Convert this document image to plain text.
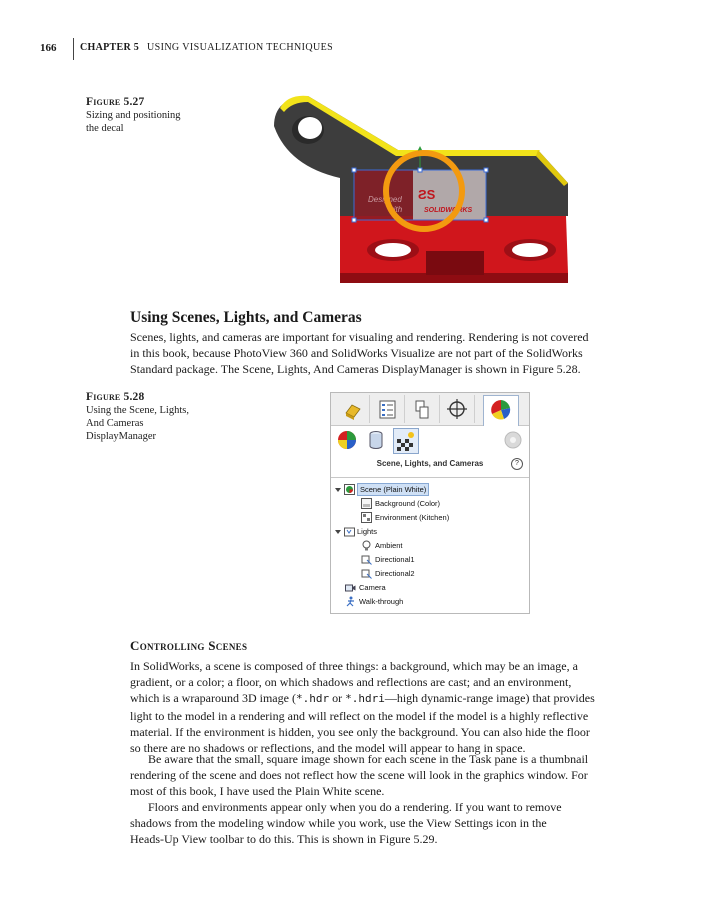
166 CHAPTER 5 USING VISUALIZATION TECHNIQUES
Figure 5.27
Sizing and positioning
the decal
Designed
with
ƧS
SOLIDWORKS
Using Scenes, Lights, and Cameras
Scenes, lights, and cameras are important for visualing and rendering. Rendering is not covered
in this book, because PhotoView 360 and SolidWorks Visualize are not part of the SolidWorks
Standard package. The Scene, Lights, And Cameras DisplayManager is shown in Figure 5.28.
Figure 5.28
Using the Scene, Lights,
And Cameras
DisplayManager
Scene, Lights, and Cameras	?
Scene (Plain White)
Background (Color)
Environment (Kitchen)
Lights
Ambient
Directional1
Directional2
Camera
Walk-through
Controlling Scenes
In SolidWorks, a scene is composed of three things: a background, which may be an image, a
gradient, or a color; a floor, on which shadows and reflections are cast; and an environment,
which is a wraparound 3D image (*.hdr or *.hdri—high dynamic-range image) that provides
light to the model in a rendering and will reflect on the model if the model is a highly reflective
material. If the environment is hidden, you see only the background. You can also hide the floor
so there are no shadows or reflections, and the model will appear to hang in space.
Be aware that the small, square image shown for each scene in the Task pane is a thumbnail
rendering of the scene and does not reflect how the scene will look in the graphics window. For
most of this book, I have used the Plain White scene.
Floors and environments appear only when you do a rendering. If you want to remove
shadows from the modeling window while you work, use the View Settings icon in the
Heads-Up View toolbar to do this. This is shown in Figure 5.29.
